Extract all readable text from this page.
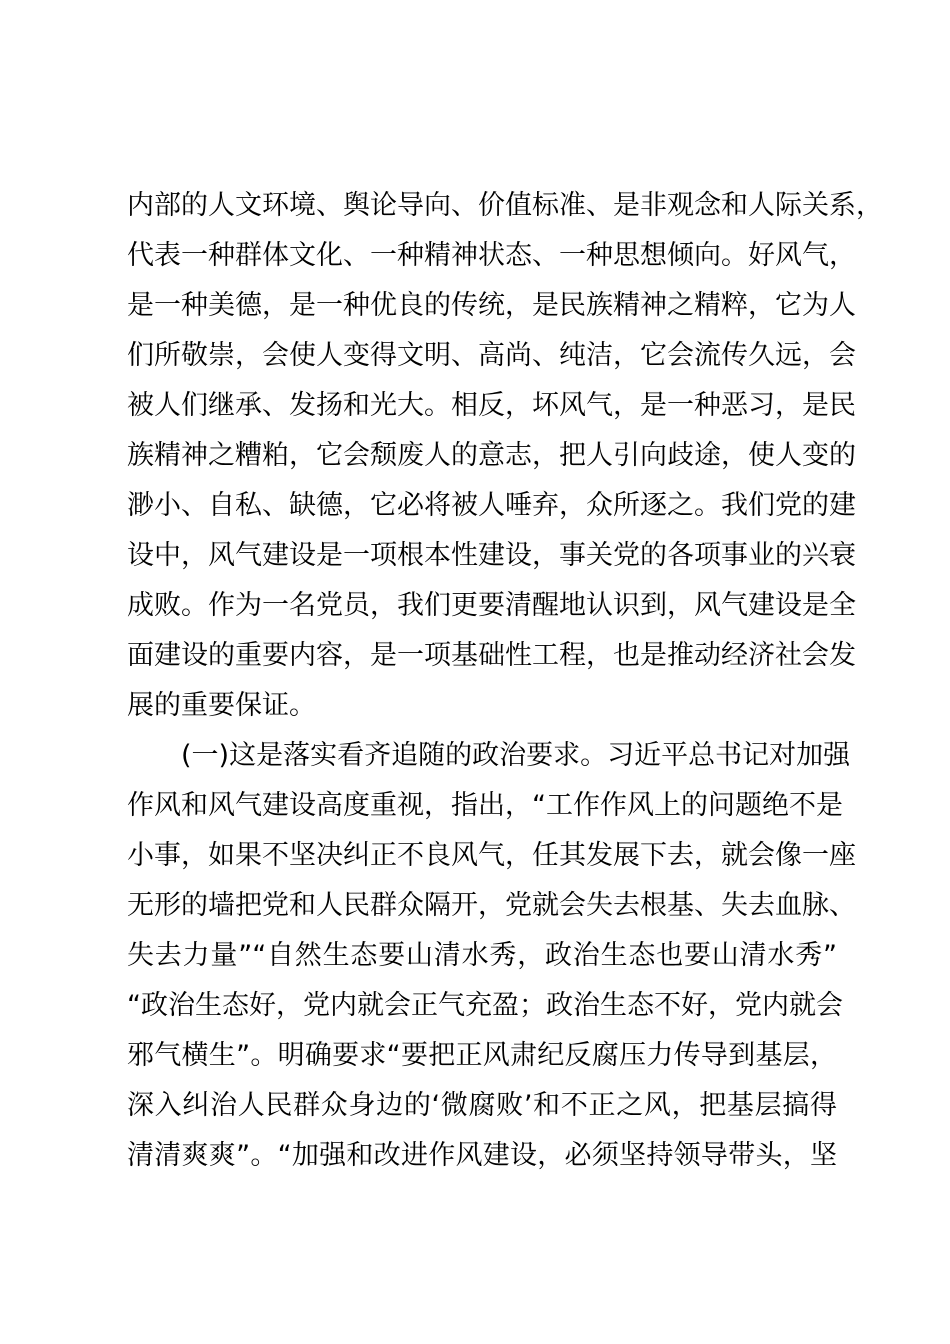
内部的人文环境、舆论导向、价值标准、是非观念和人际关系，
代表一种群体文化、一种精神状态、一种思想倾向。好风气，
是一种美德，是一种优良的传统，是民族精神之精粹，它为人
们所敬崇，会使人变得文明、高尚、纯洁，它会流传久远，会
被人们继承、发扬和光大。相反，坏风气，是一种恶习，是民
族精神之糟粕，它会颓废人的意志，把人引向歧途，使人变的
渺小、自私、缺德，它必将被人唾弃，众所逐之。我们党的建
设中，风气建设是一项根本性建设，事关党的各项事业的兴衰
成败。作为一名党员，我们更要清醒地认识到，风气建设是全
面建设的重要内容，是一项基础性工程，也是推动经济社会发
展的重要保证。
(一)这是落实看齐追随的政治要求。习近平总书记对加强
作风和风气建设高度重视，指出，“工作作风上的问题绝不是
小事，如果不坚决纠正不良风气，任其发展下去，就会像一座
无形的墙把党和人民群众隔开，党就会失去根基、失去血脉、
失去力量”“自然生态要山清水秀，政治生态也要山清水秀”
“政治生态好，党内就会正气充盈；政治生态不好，党内就会
邪气横生”。明确要求“要把正风肃纪反腐压力传导到基层，
深入纠治人民群众身边的‘微腐败’和不正之风，把基层搞得
清清爽爽”。“加强和改进作风建设，必须坚持领导带头，坚
